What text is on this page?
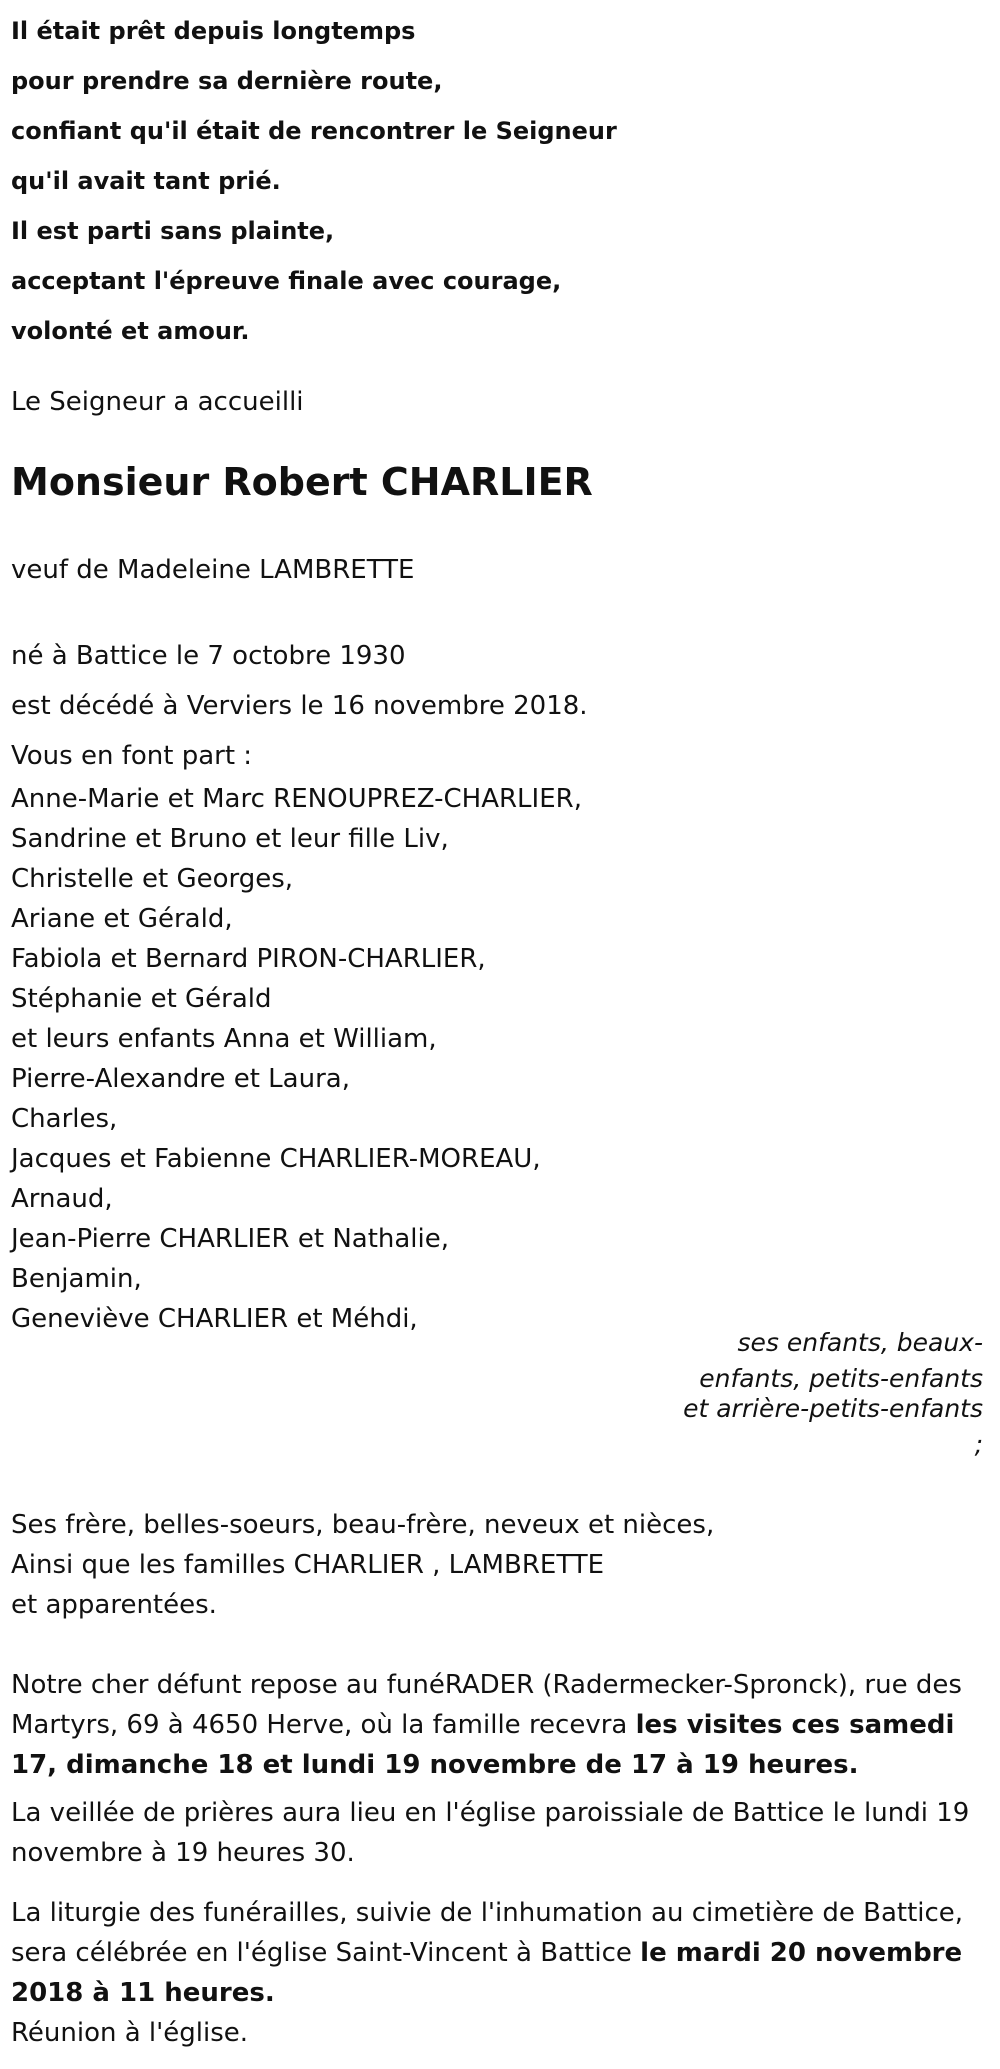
Il était prêt depuis longtemps
pour prendre sa dernière route,
confiant qu'il était de rencontrer le Seigneur
qu'il avait tant prié.
Il est parti sans plainte,
acceptant l'épreuve finale avec courage,
volonté et amour.
Le Seigneur a accueilli
Monsieur Robert CHARLIER
veuf de Madeleine LAMBRETTE
né à Battice le 7 octobre 1930
est décédé à Verviers le 16 novembre 2018.
Vous en font part :
Anne-Marie et Marc RENOUPREZ-CHARLIER,
Sandrine et Bruno et leur fille Liv,
Christelle et Georges,
Ariane et Gérald,
Fabiola et Bernard PIRON-CHARLIER,
Stéphanie et Gérald
et leurs enfants Anna et William,
Pierre-Alexandre et Laura,
Charles,
Jacques et Fabienne CHARLIER-MOREAU,
Arnaud,
Jean-Pierre CHARLIER et Nathalie,
Benjamin,
Geneviève CHARLIER et Méhdi,
ses enfants, beaux-enfants, petits-enfants
et arrière-petits-enfants ;
Ses frère, belles-soeurs, beau-frère, neveux et nièces,
Ainsi que les familles CHARLIER , LAMBRETTE
et apparentées.

Notre cher défunt repose au funéRADER (Radermecker-Spronck), rue des Martyrs, 69 à 4650 Herve, où la famille recevra les visites ces samedi 17, dimanche 18 et lundi 19 novembre de 17 à 19 heures.

La veillée de prières aura lieu en l'église paroissiale de Battice le lundi 19 novembre à 19 heures 30.

La liturgie des funérailles, suivie de l'inhumation au cimetière de Battice, sera célébrée en l'église Saint-Vincent à Battice le mardi 20 novembre 2018 à 11 heures.

Réunion à l'église.
